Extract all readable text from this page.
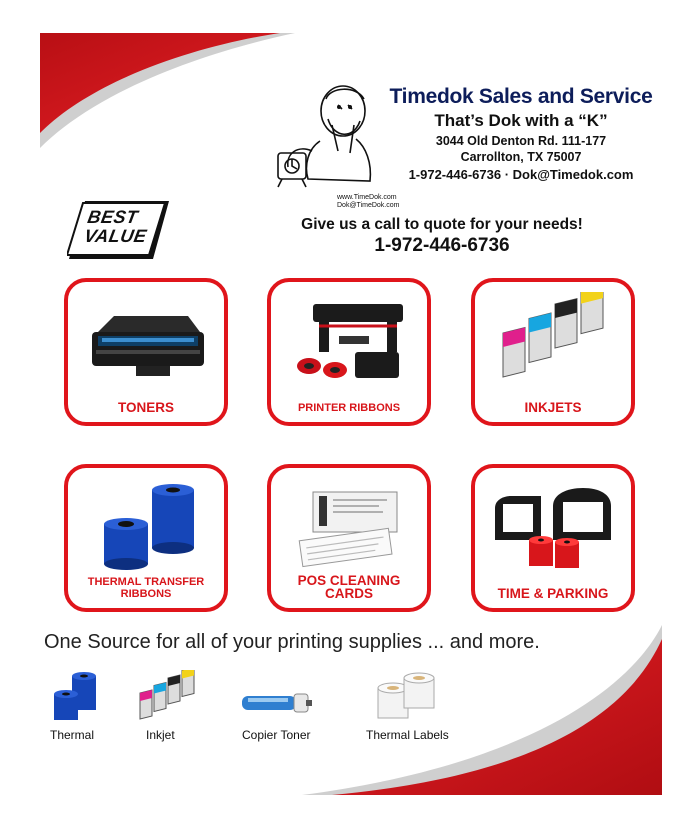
www.TimeDok.com
Dok@TimeDok.com
Timedok Sales and Service
That’s Dok with a “K”
3044 Old Denton Rd. 111-177
Carrollton, TX 75007
1-972-446-6736 · Dok@Timedok.com
BEST
VALUE
Give us a call to quote for your needs!
1-972-446-6736
TONERS	PRINTER RIBBONS	INKJETS
THERMAL TRANSFER
RIBBONS
POS CLEANING
CARDS	TIME & PARKING
One Source for all of your printing supplies ... and more.
Thermal	Inkjet	Copier Toner	Thermal Labels
